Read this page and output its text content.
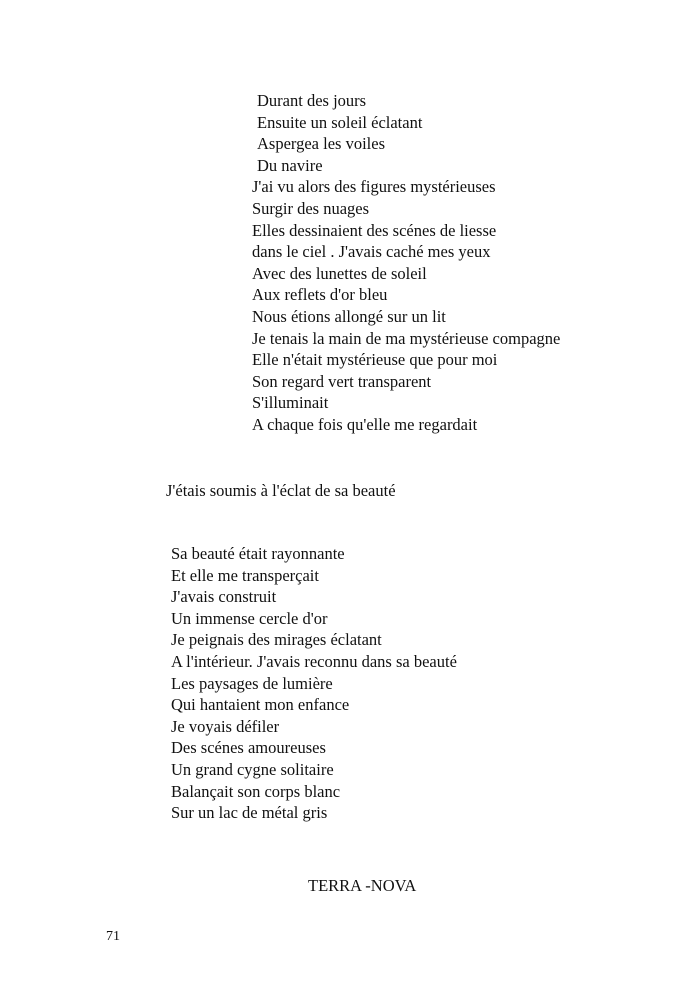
Durant des jours
Ensuite un soleil éclatant
Aspergea les voiles
Du navire
J'ai vu alors des figures mystérieuses
Surgir des nuages
Elles dessinaient des scénes de liesse
dans le ciel . J'avais caché mes yeux
Avec des lunettes de soleil
Aux reflets d'or bleu
Nous étions allongé sur un lit
Je tenais la main de ma mystérieuse compagne
Elle n'était mystérieuse que pour moi
Son regard vert transparent
S'illuminait
A chaque fois qu'elle me regardait
J'étais soumis à l'éclat de sa beauté
Sa beauté était rayonnante
Et elle me transperçait
J'avais construit
Un immense cercle d'or
Je peignais des mirages éclatant
A l'intérieur. J'avais reconnu dans sa beauté
Les paysages de lumière
Qui hantaient mon enfance
Je voyais défiler
Des scénes amoureuses
Un grand cygne solitaire
Balançait son corps blanc
Sur un lac de métal gris
TERRA -NOVA
71
